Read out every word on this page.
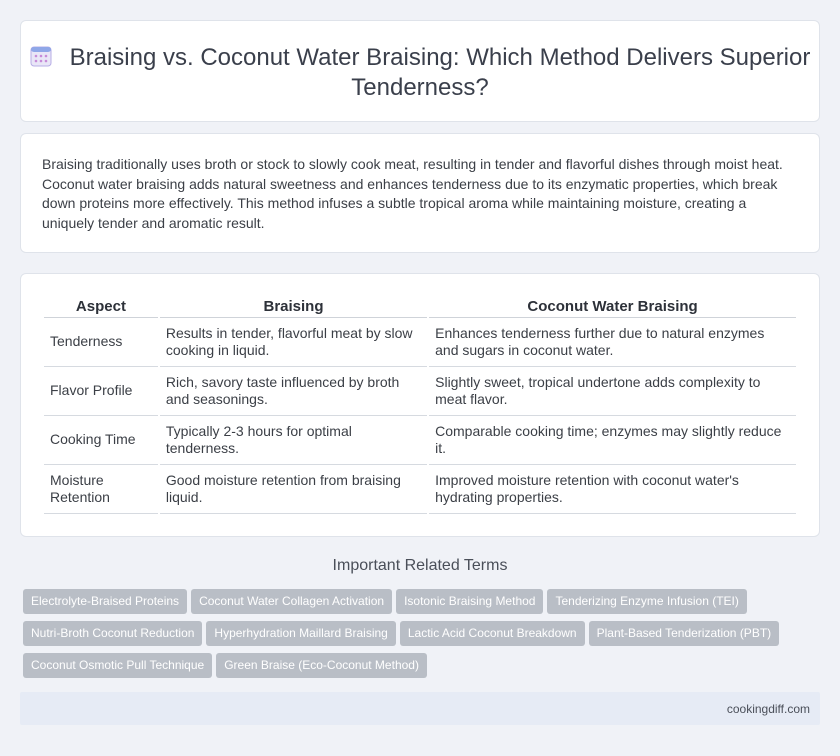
Braising vs. Coconut Water Braising: Which Method Delivers Superior Tenderness?

Braising traditionally uses broth or stock to slowly cook meat, resulting in tender and flavorful dishes through moist heat. Coconut water braising adds natural sweetness and enhances tenderness due to its enzymatic properties, which break down proteins more effectively. This method infuses a subtle tropical aroma while maintaining moisture, creating a uniquely tender and aromatic result.

Aspect	Braising	Coconut Water Braising
Tenderness	Results in tender, flavorful meat by slow cooking in liquid.	Enhances tenderness further due to natural enzymes and sugars in coconut water.
Flavor Profile	Rich, savory taste influenced by broth and seasonings.	Slightly sweet, tropical undertone adds complexity to meat flavor.
Cooking Time	Typically 2-3 hours for optimal tenderness.	Comparable cooking time; enzymes may slightly reduce it.
Moisture Retention	Good moisture retention from braising liquid.	Improved moisture retention with coconut water's hydrating properties.
Important Related Terms
Electrolyte-Braised Proteins Coconut Water Collagen Activation Isotonic Braising Method Tenderizing Enzyme Infusion (TEI)
Nutri-Broth Coconut Reduction Hyperhydration Maillard Braising Lactic Acid Coconut Breakdown Plant-Based Tenderization (PBT)
Coconut Osmotic Pull Technique Green Braise (Eco-Coconut Method)
cookingdiff.com
